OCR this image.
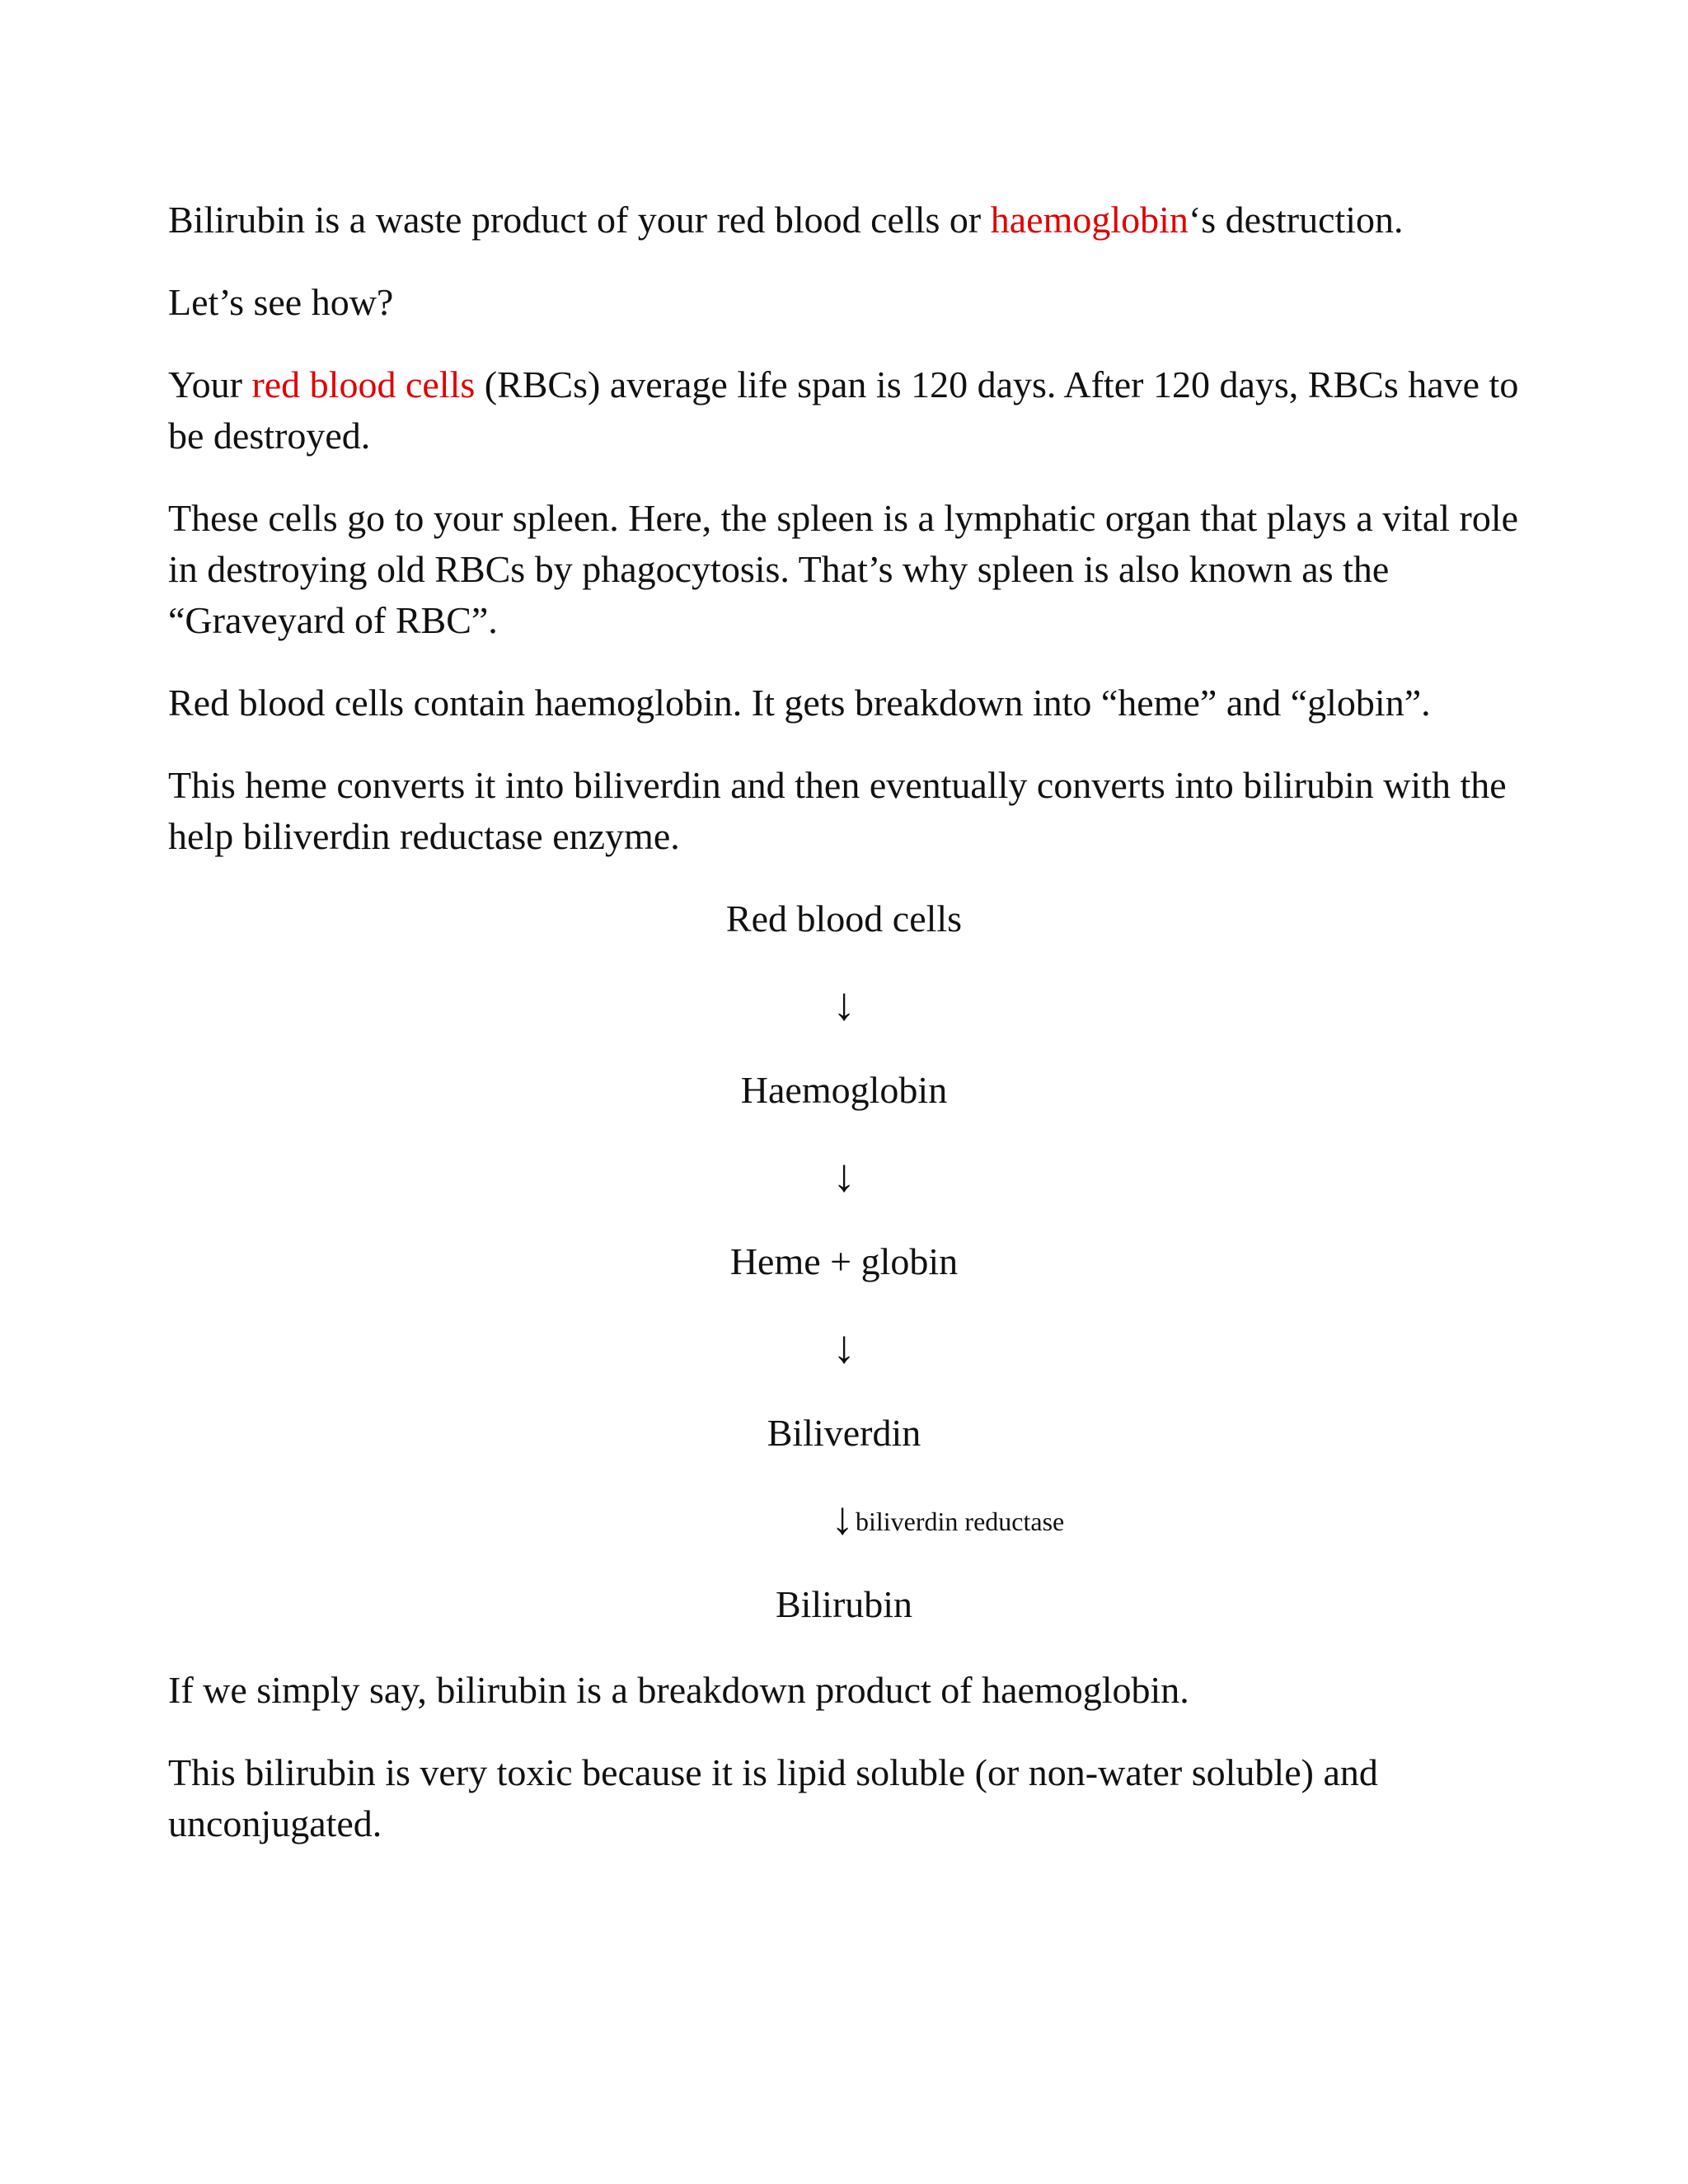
Bilirubin is a waste product of your red blood cells or haemoglobin‘s destruction.

Let’s see how?

Your red blood cells (RBCs) average life span is 120 days. After 120 days, RBCs have to be destroyed.

These cells go to your spleen. Here, the spleen is a lymphatic organ that plays a vital role in destroying old RBCs by phagocytosis. That’s why spleen is also known as the “Graveyard of RBC”.

Red blood cells contain haemoglobin. It gets breakdown into “heme” and “globin”.

This heme converts it into biliverdin and then eventually converts into bilirubin with the help biliverdin reductase enzyme.

Red blood cells
↓
Haemoglobin
↓
Heme + globin
↓
Biliverdin
↓ biliverdin reductase
Bilirubin

If we simply say, bilirubin is a breakdown product of haemoglobin.

This bilirubin is very toxic because it is lipid soluble (or non-water soluble) and unconjugated.
